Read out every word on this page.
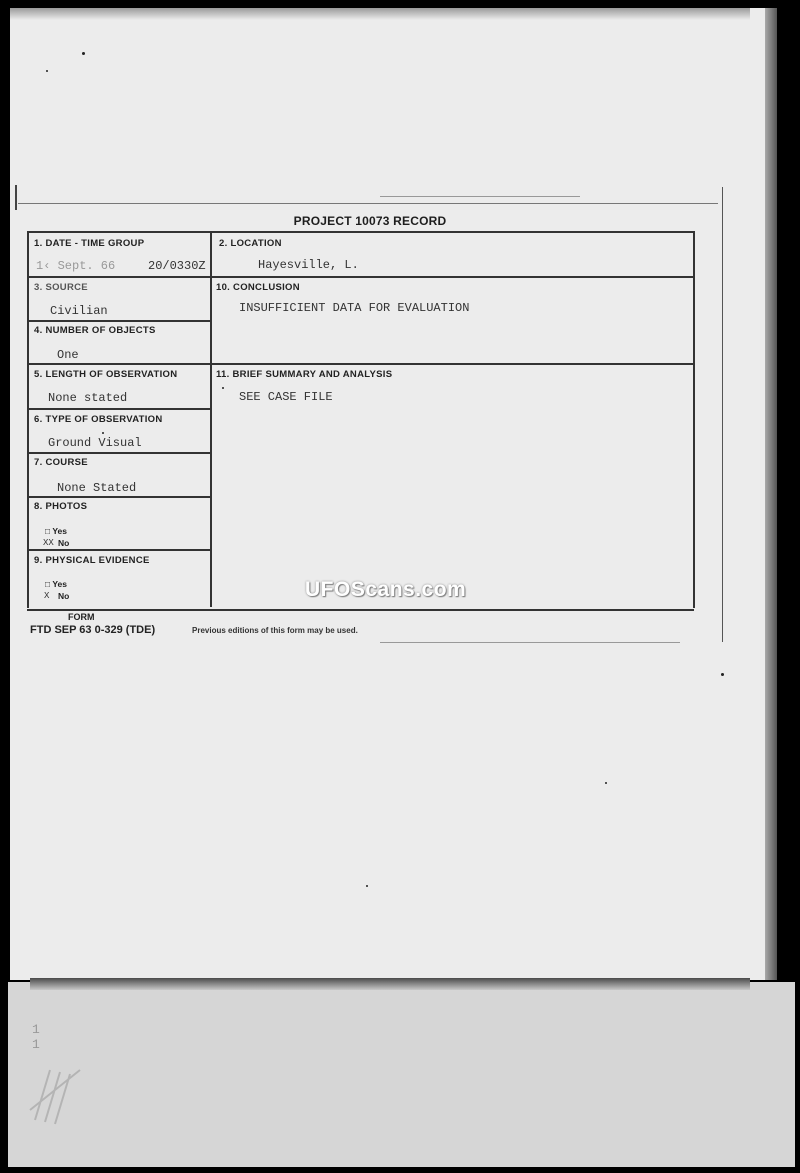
PROJECT 10073 RECORD
1. DATE - TIME GROUP
1‹ Sept. 66	20/0330Z
2. LOCATION
Hayesville, L.
3. SOURCE
Civilian
4. NUMBER OF OBJECTS
One
10. CONCLUSION
INSUFFICIENT DATA FOR EVALUATION
5. LENGTH OF OBSERVATION
None stated
11. BRIEF SUMMARY AND ANALYSIS
SEE CASE FILE
6. TYPE OF OBSERVATION
Ground Visual
7. COURSE
None Stated
8. PHOTOS
□ Yes
XX No
9. PHYSICAL EVIDENCE
□ Yes
X No	UFOScans.com
FORM
FTD SEP 63 0-329 (TDE)	Previous editions of this form may be used.
1 1
